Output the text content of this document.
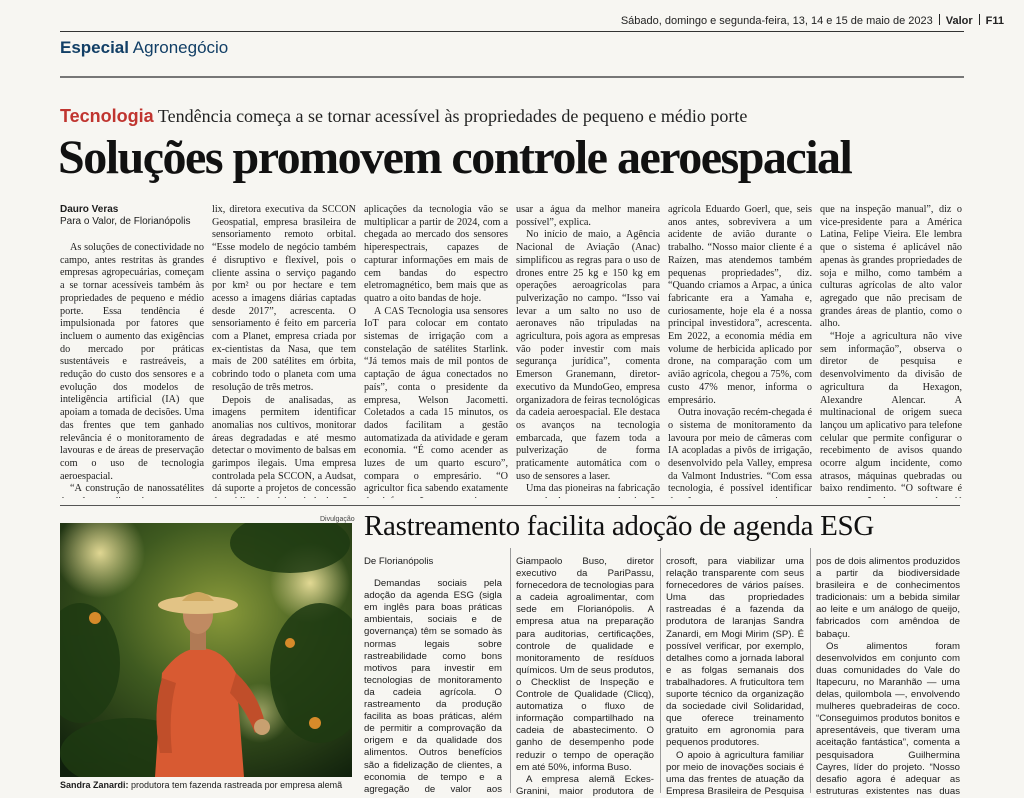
Sábado, domingo e segunda-feira, 13, 14 e 15 de maio de 2023 Valor F11
Especial Agronegócio
Tecnologia Tendência começa a se tornar acessível às propriedades de pequeno e médio porte
Soluções promovem controle aeroespacial
Dauro Veras
Para o Valor, de Florianópolis

As soluções de conectividade no campo, antes restritas às grandes empresas agropecuárias, começam a se tornar acessíveis também às propriedades de pequeno e médio porte. Essa tendência é impulsionada por fatores que incluem o aumento das exigências do mercado por práticas sustentáveis e rastreáveis, a redução do custo dos sensores e a evolução dos modelos de inteligência artificial (IA) que apoiam a tomada de decisões. Uma das frentes que tem ganhado relevância é o monitoramento de lavouras e de áreas de preservação com o uso de tecnologia aeroespacial.

“A construção de nanossatélites

lix, diretora executiva da SCCON Geospatial, empresa brasileira de sensoriamento remoto orbital. “Esse modelo de negócio também é disruptivo e flexível, pois o cliente assina o serviço pagando por km² ou por hectare e tem acesso a imagens diárias captadas desde 2017”, acrescenta. O sensoriamento é feito em parceria com a Planet, empresa criada por ex-cientistas da Nasa, que tem mais de 200 satélites em órbita, cobrindo todo o planeta com uma resolução de três metros.

Depois de analisadas, as imagens permitem identificar anomalias nos cultivos, monitorar áreas degradadas e até mesmo detectar o movimento de balsas em garimpos ilegais. Uma empresa controlada pela SCCON, a Audsat, dá suporte a projetos de concessão

aplicações da tecnologia vão se multiplicar a partir de 2024, com a chegada ao mercado dos sensores hiperespectrais, capazes de capturar informações em mais de cem bandas do espectro eletromagnético, bem mais que as quatro a oito bandas de hoje.

A CAS Tecnologia usa sensores IoT para colocar em contato sistemas de irrigação com a constelação de satélites Starlink. “Já temos mais de mil pontos de captação de água conectados no país”, conta o presidente da empresa, Welson Jacometti. Coletados a cada 15 minutos, os dados facilitam a gestão automatizada da atividade e geram economia. “É como acender as luzes de um quarto escuro”, compara o empresário. “O agricultor fica sabendo exatamente

usar a água da melhor maneira possível”, explica.

No início de maio, a Agência Nacional de Aviação (Anac) simplificou as regras para o uso de drones entre 25 kg e 150 kg em operações aeroagrícolas para pulverização no campo. “Isso vai levar a um salto no uso de aeronaves não tripuladas na agricultura, pois agora as empresas vão poder investir com mais segurança jurídica”, comenta Emerson Granemann, diretor-executivo da MundoGeo, empresa organizadora de feiras tecnológicas da cadeia aeroespacial. Ele destaca os avanços na tecnologia embarcada, que fazem toda a pulverização de forma praticamente automática com o uso de sensores a laser.

Uma das pioneiras na fabricação

agrícola Eduardo Goerl, que, seis anos antes, sobrevivera a um acidente de avião durante o trabalho. “Nosso maior cliente é a Raízen, mas atendemos também pequenas propriedades”, diz. “Quando criamos a Arpac, a única fabricante era a Yamaha e, curiosamente, hoje ela é a nossa principal investidora”, acrescenta. Em 2022, a economia média em volume de herbicida aplicado por drone, na comparação com um avião agrícola, chegou a 75%, com custo 47% menor, informa o empresário.

Outra inovação recém-chegada é o sistema de monitoramento da lavoura por meio de câmeras com IA acopladas a pivôs de irrigação, desenvolvido pela Valley, empresa da Valmont Industries. “Com essa tecnologia, é possível identificar

que na inspeção manual”, diz o vice-presidente para a América Latina, Felipe Vieira. Ele lembra que o sistema é aplicável não apenas às grandes propriedades de soja e milho, como também a culturas agrícolas de alto valor agregado que não precisam de grandes áreas de plantio, como o alho.

“Hoje a agricultura não vive sem informação”, observa o diretor de pesquisa e desenvolvimento da divisão de agricultura da Hexagon, Alexandre Alencar. A multinacional de origem sueca lançou um aplicativo para telefone celular que permite configurar o recebimento de avisos quando ocorre algum incidente, como atrasos, máquinas quebradas ou baixo rendimento. “O software é

Divulgação
Sandra Zanardi: produtora tem fazenda rastreada por empresa alemã
Rastreamento facilita adoção de agenda ESG

De Florianópolis

Demandas sociais pela adoção da agenda ESG (sigla em inglês para boas práticas ambientais, sociais e de governança) têm se somado às normas legais sobre rastreabilidade como bons motivos para investir em tecnologias de monitoramento da cadeia agrícola. O rastreamento da produção facilita as boas práticas, além de permitir a comprovação da origem e da qualidade dos alimentos. Outros benefícios são a fidelização de clientes, a economia de tempo e a agregação de valor aos

Giampaolo Buso, diretor executivo da PariPassu, fornecedora de tecnologias para a cadeia agroalimentar, com sede em Florianópolis. A empresa atua na preparação para auditorias, certificações, controle de qualidade e monitoramento de resíduos químicos. Um de seus produtos, o Checklist de Inspeção e Controle de Qualidade (Clicq), automatiza o fluxo de informação compartilhado na cadeia de abastecimento. O ganho de desempenho pode reduzir o tempo de operação em até 50%, informa Buso.

A empresa alemã Eckes-Granini, maior produtora de

crosoft, para viabilizar uma relação transparente com seus fornecedores de vários países. Uma das propriedades rastreadas é a fazenda da produtora de laranjas Sandra Zanardi, em Mogi Mirim (SP). É possível verificar, por exemplo, detalhes como a jornada laboral e as folgas semanais dos trabalhadores. A fruticultora tem suporte técnico da organização da sociedade civil Solidaridad, que oferece treinamento gratuito em agronomia para pequenos produtores.

O apoio à agricultura familiar por meio de inovações sociais é uma das frentes de atuação da Empresa Brasileira de Pesquisa

pos de dois alimentos produzidos a partir da biodiversidade brasileira e de conhecimentos tradicionais: um a bebida similar ao leite e um análogo de queijo, fabricados com amêndoa de babaçu.

Os alimentos foram desenvolvidos em conjunto com duas comunidades do Vale do Itapecuru, no Maranhão — uma delas, quilombola —, envolvendo mulheres quebradeiras de coco. “Conseguimos produtos bonitos e apresentáveis, que tiveram uma aceitação fantástica”, comenta a pesquisadora Guilhermina Cayres, líder do projeto. “Nosso desafio agora é adequar as estruturas existentes nas duas
